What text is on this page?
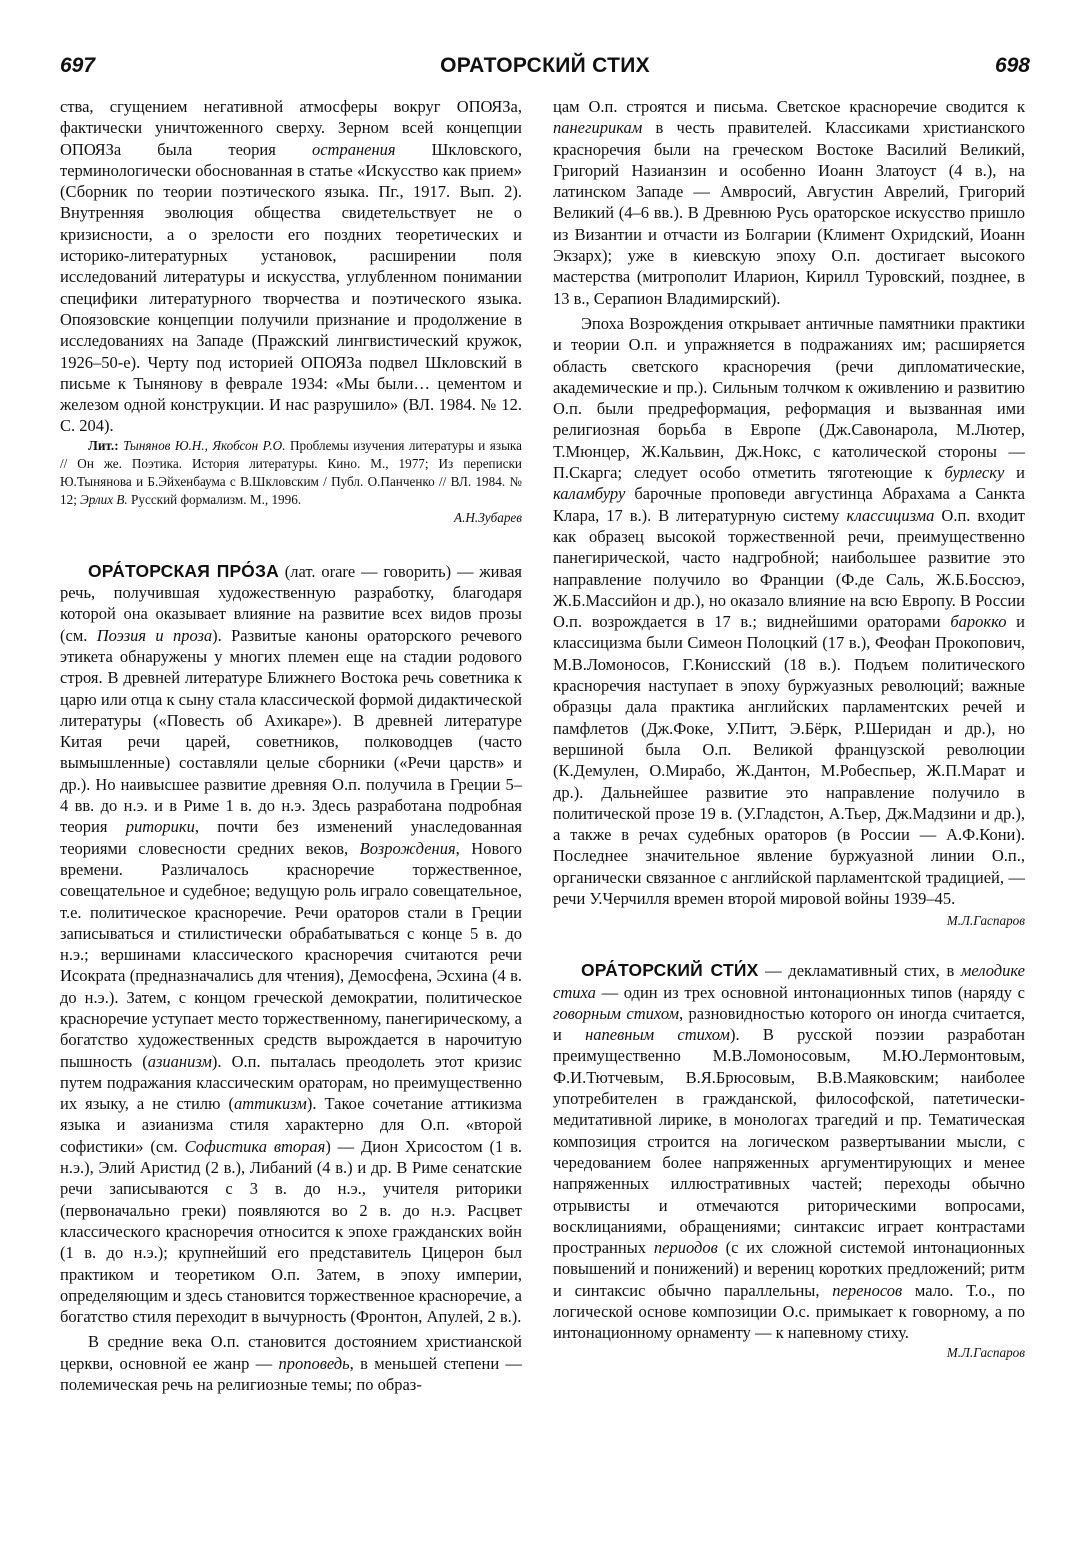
697	ОРАТОРСКИЙ СТИХ	698

ства, сгущением негативной атмосферы вокруг ОПОЯЗа, фактически уничтоженного сверху. Зерном всей концепции ОПОЯЗа была теория остранения Шкловского, терминологически обоснованная в статье «Искусство как прием» (Сборник по теории поэтического языка. Пг., 1917. Вып. 2). Внутренняя эволюция общества свидетельствует не о кризисности, а о зрелости его поздних теоретических и историко-литературных установок, расширении поля исследований литературы и искусства, углубленном понимании специфики литературного творчества и поэтического языка. Опоязовские концепции получили признание и продолжение в исследованиях на Западе (Пражский лингвистический кружок, 1926–50-е). Черту под историей ОПОЯЗа подвел Шкловский в письме к Тынянову в феврале 1934: «Мы были… цементом и железом одной конструкции. И нас разрушило» (ВЛ. 1984. № 12. С. 204).

Лит.: Тынянов Ю.Н., Якобсон Р.О. Проблемы изучения литературы и языка // Он же. Поэтика. История литературы. Кино. М., 1977; Из переписки Ю.Тынянова и Б.Эйхенбаума с В.Шкловским / Публ. О.Панченко // ВЛ. 1984. № 12; Эрлих В. Русский формализм. М., 1996.

А.Н.Зубарев

ОРА́ТОРСКАЯ ПРО́ЗА (лат. orare — говорить) — живая речь, получившая художественную разработку, благодаря которой она оказывает влияние на развитие всех видов прозы (см. Поэзия и проза). Развитые каноны ораторского речевого этикета обнаружены у многих племен еще на стадии родового строя. В древней литературе Ближнего Востока речь советника к царю или отца к сыну стала классической формой дидактической литературы («Повесть об Ахикаре»). В древней литературе Китая речи царей, советников, полководцев (часто вымышленные) составляли целые сборники («Речи царств» и др.). Но наивысшее развитие древняя О.п. получила в Греции 5–4 вв. до н.э. и в Риме 1 в. до н.э. Здесь разработана подробная теория риторики, почти без изменений унаследованная теориями словесности средних веков, Возрождения, Нового времени. Различалось красноречие торжественное, совещательное и судебное; ведущую роль играло совещательное, т.е. политическое красноречие. Речи ораторов стали в Греции записываться и стилистически обрабатываться с конце 5 в. до н.э.; вершинами классического красноречия считаются речи Исократа (предназначались для чтения), Демосфена, Эсхина (4 в. до н.э.). Затем, с концом греческой демократии, политическое красноречие уступает место торжественному, панегирическому, а богатство художественных средств вырождается в нарочитую пышность (азианизм). О.п. пыталась преодолеть этот кризис путем подражания классическим ораторам, но преимущественно их языку, а не стилю (аттикизм). Такое сочетание аттикизма языка и азианизма стиля характерно для О.п. «второй софистики» (см. Софистика вторая) — Дион Хрисостом (1 в. н.э.), Элий Аристид (2 в.), Либаний (4 в.) и др. В Риме сенатские речи записываются с 3 в. до н.э., учителя риторики (первоначально греки) появляются во 2 в. до н.э. Расцвет классического красноречия относится к эпохе гражданских войн (1 в. до н.э.); крупнейший его представитель Цицерон был практиком и теоретиком О.п. Затем, в эпоху империи, определяющим и здесь становится торжественное красноречие, а богатство стиля переходит в вычурность (Фронтон, Апулей, 2 в.).

В средние века О.п. становится достоянием христианской церкви, основной ее жанр — проповедь, в меньшей степени — полемическая речь на религиозные темы; по образ-

цам О.п. строятся и письма. Светское красноречие сводится к панегирикам в честь правителей. Классиками христианского красноречия были на греческом Востоке Василий Великий, Григорий Назианзин и особенно Иоанн Златоуст (4 в.), на латинском Западе — Амвросий, Августин Аврелий, Григорий Великий (4–6 вв.). В Древнюю Русь ораторское искусство пришло из Византии и отчасти из Болгарии (Климент Охридский, Иоанн Экзарх); уже в киевскую эпоху О.п. достигает высокого мастерства (митрополит Иларион, Кирилл Туровский, позднее, в 13 в., Серапион Владимирский).

Эпоха Возрождения открывает античные памятники практики и теории О.п. и упражняется в подражаниях им; расширяется область светского красноречия (речи дипломатические, академические и пр.). Сильным толчком к оживлению и развитию О.п. были предреформация, реформация и вызванная ими религиозная борьба в Европе (Дж.Савонарола, М.Лютер, Т.Мюнцер, Ж.Кальвин, Дж.Нокс, с католической стороны — П.Скарга; следует особо отметить тяготеющие к бурлеску и каламбуру барочные проповеди августинца Абрахама а Санкта Клара, 17 в.). В литературную систему классицизма О.п. входит как образец высокой торжественной речи, преимущественно панегирической, часто надгробной; наибольшее развитие это направление получило во Франции (Ф.де Саль, Ж.Б.Боссюэ, Ж.Б.Массийон и др.), но оказало влияние на всю Европу. В России О.п. возрождается в 17 в.; виднейшими ораторами барокко и классицизма были Симеон Полоцкий (17 в.), Феофан Прокопович, М.В.Ломоносов, Г.Конисский (18 в.). Подъем политического красноречия наступает в эпоху буржуазных революций; важные образцы дала практика английских парламентских речей и памфлетов (Дж.Фоке, У.Питт, Э.Бёрк, Р.Шеридан и др.), но вершиной была О.п. Великой французской революции (К.Демулен, О.Мирабо, Ж.Дантон, М.Робеспьер, Ж.П.Марат и др.). Дальнейшее развитие это направление получило в политической прозе 19 в. (У.Гладстон, А.Тьер, Дж.Мадзини и др.), а также в речах судебных ораторов (в России — А.Ф.Кони). Последнее значительное явление буржуазной линии О.п., органически связанное с английской парламентской традицией, — речи У.Черчилля времен второй мировой войны 1939–45.
М.Л.Гаспаров

ОРА́ТОРСКИЙ СТИ́Х — декламативный стих, в мелодике стиха — один из трех основной интонационных типов (наряду с говорным стихом, разновидностью которого он иногда считается, и напевным стихом). В русской поэзии разработан преимущественно М.В.Ломоносовым, М.Ю.Лермонтовым, Ф.И.Тютчевым, В.Я.Брюсовым, В.В.Маяковским; наиболее употребителен в гражданской, философской, патетически-медитативной лирике, в монологах трагедий и пр. Тематическая композиция строится на логическом развертывании мысли, с чередованием более напряженных аргументирующих и менее напряженных иллюстративных частей; переходы обычно отрывисты и отмечаются риторическими вопросами, восклицаниями, обращениями; синтаксис играет контрастами пространных периодов (с их сложной системой интонационных повышений и понижений) и верениц коротких предложений; ритм и синтаксис обычно параллельны, переносов мало. Т.о., по логической основе композиции О.с. примыкает к говорному, а по интонационному орнаменту — к напевному стиху.

М.Л.Гаспаров
